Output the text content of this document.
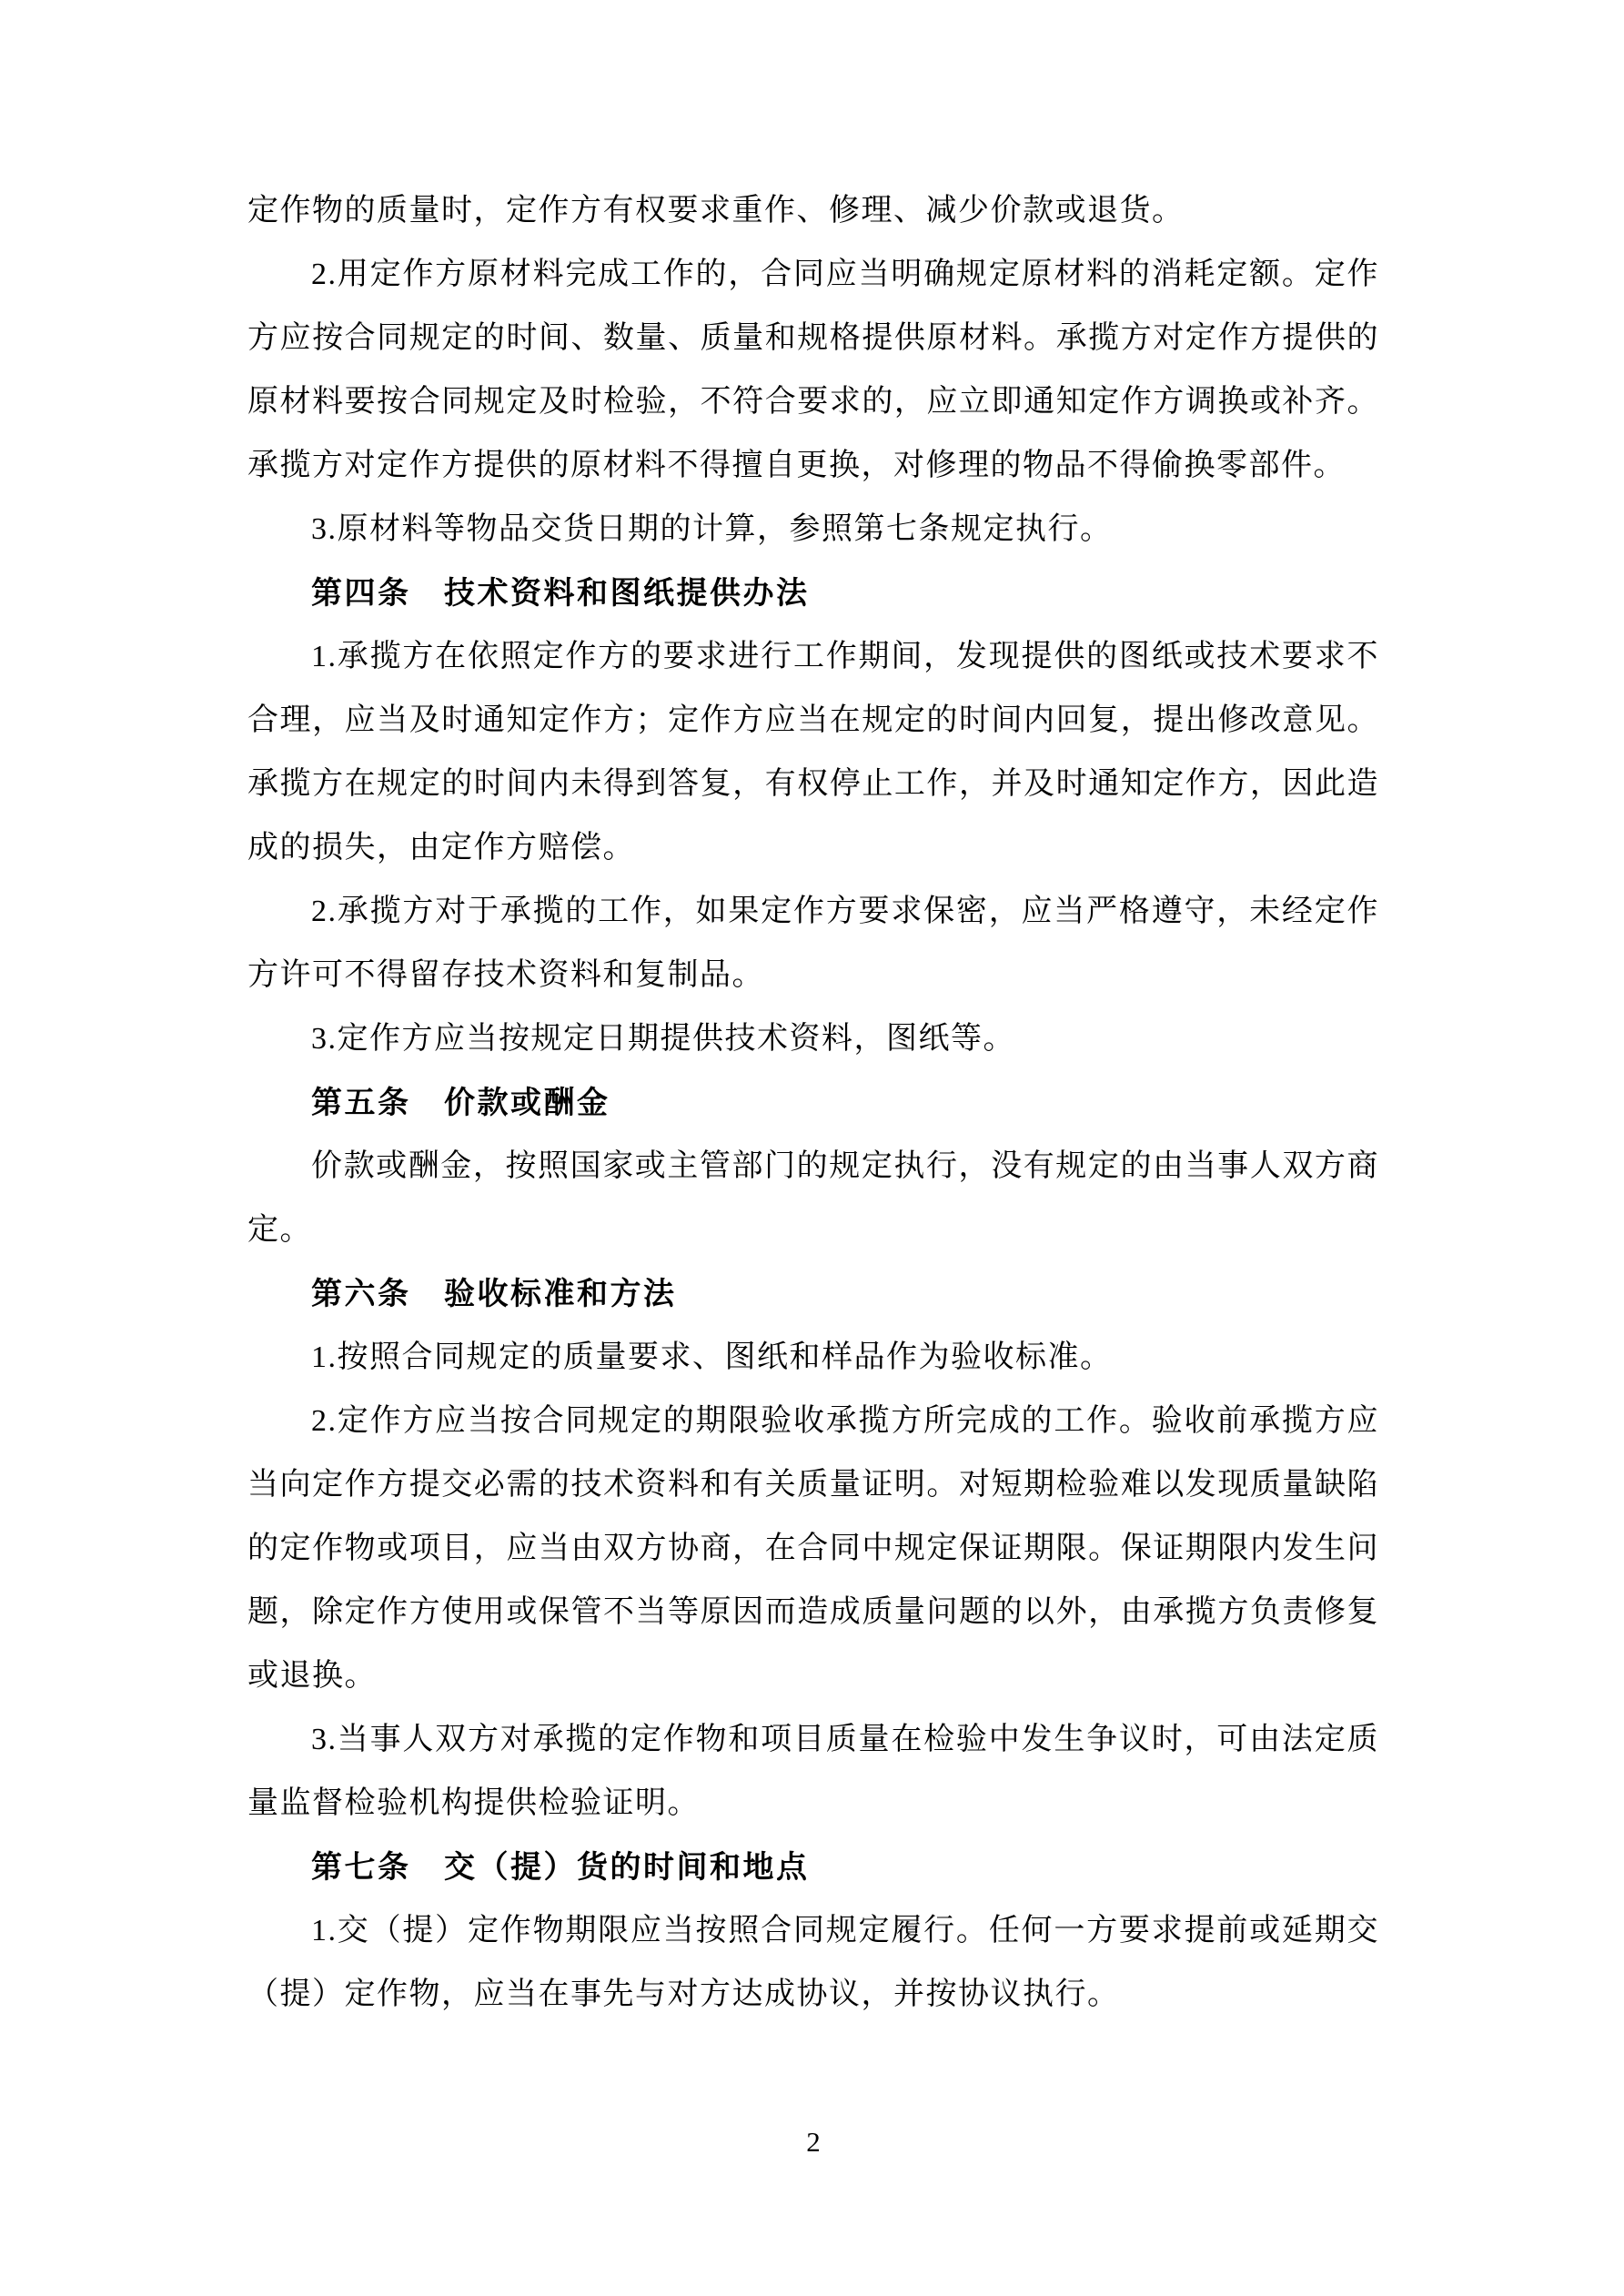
定作物的质量时，定作方有权要求重作、修理、减少价款或退货。
2.用定作方原材料完成工作的，合同应当明确规定原材料的消耗定额。定作
方应按合同规定的时间、数量、质量和规格提供原材料。承揽方对定作方提供的
原材料要按合同规定及时检验，不符合要求的，应立即通知定作方调换或补齐。
承揽方对定作方提供的原材料不得擅自更换，对修理的物品不得偷换零部件。
3.原材料等物品交货日期的计算，参照第七条规定执行。
第四条　技术资料和图纸提供办法
1.承揽方在依照定作方的要求进行工作期间，发现提供的图纸或技术要求不
合理，应当及时通知定作方；定作方应当在规定的时间内回复，提出修改意见。
承揽方在规定的时间内未得到答复，有权停止工作，并及时通知定作方，因此造
成的损失，由定作方赔偿。
2.承揽方对于承揽的工作，如果定作方要求保密，应当严格遵守，未经定作
方许可不得留存技术资料和复制品。
3.定作方应当按规定日期提供技术资料，图纸等。
第五条　价款或酬金
价款或酬金，按照国家或主管部门的规定执行，没有规定的由当事人双方商
定。
第六条　验收标准和方法
1.按照合同规定的质量要求、图纸和样品作为验收标准。
2.定作方应当按合同规定的期限验收承揽方所完成的工作。验收前承揽方应
当向定作方提交必需的技术资料和有关质量证明。对短期检验难以发现质量缺陷
的定作物或项目，应当由双方协商，在合同中规定保证期限。保证期限内发生问
题，除定作方使用或保管不当等原因而造成质量问题的以外，由承揽方负责修复
或退换。
3.当事人双方对承揽的定作物和项目质量在检验中发生争议时，可由法定质
量监督检验机构提供检验证明。
第七条　交（提）货的时间和地点
1.交（提）定作物期限应当按照合同规定履行。任何一方要求提前或延期交
（提）定作物，应当在事先与对方达成协议，并按协议执行。
2
